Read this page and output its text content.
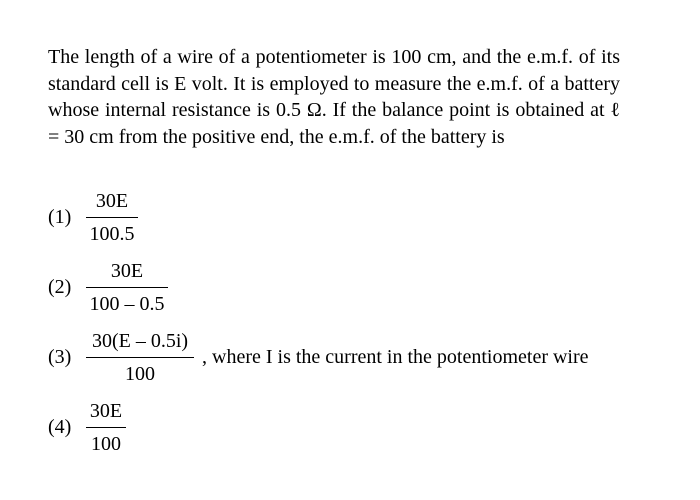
The length of a wire of a potentiometer is 100 cm, and the e.m.f. of its standard cell is E volt. It is employed to measure the e.m.f. of a battery whose internal resistance is 0.5 Ω. If the balance point is obtained at ℓ = 30 cm from the positive end, the e.m.f. of the battery is
$(1) \frac{30E}{100.5}$
$(2) \frac{30E}{100 - 0.5}$
$(3) \frac{30(E - 0.5i)}{100}$ , where I is the current in the potentiometer wire
$(4) \frac{30E}{100}$
